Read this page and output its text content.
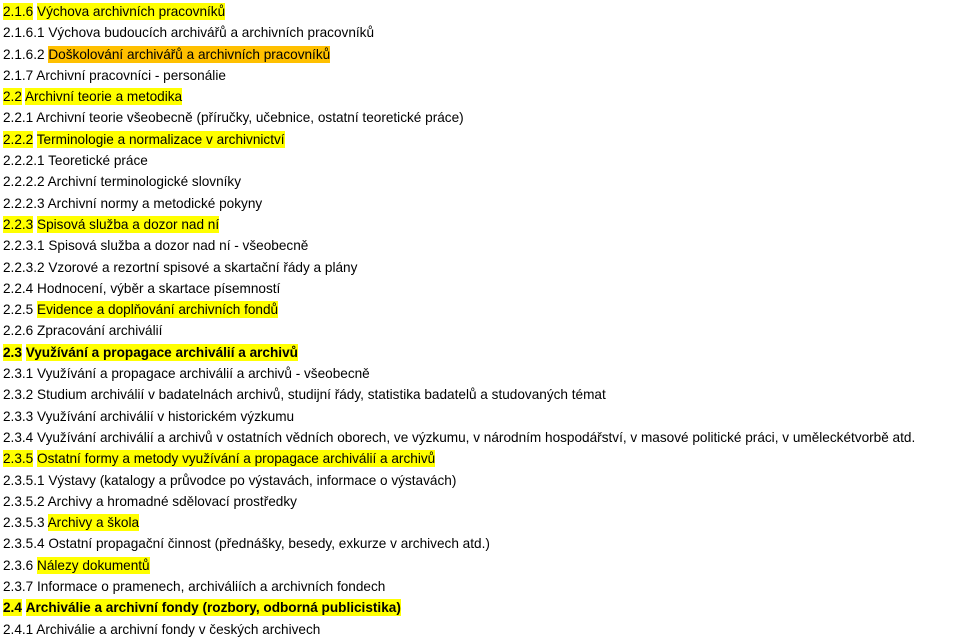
2.1.6 Výchova archivních pracovníků
2.1.6.1 Výchova budoucích archivářů a archivních pracovníků
2.1.6.2 Doškolování archivářů a archivních pracovníků
2.1.7 Archivní pracovníci - personálie
2.2 Archivní teorie a metodika
2.2.1 Archivní teorie všeobecně (příručky, učebnice, ostatní teoretické práce)
2.2.2 Terminologie a normalizace v archivnictví
2.2.2.1 Teoretické práce
2.2.2.2 Archivní terminologické slovníky
2.2.2.3 Archivní normy a metodické pokyny
2.2.3 Spisová služba a dozor nad ní
2.2.3.1 Spisová služba a dozor nad ní - všeobecně
2.2.3.2 Vzorové a rezortní spisové a skartační řády a plány
2.2.4 Hodnocení, výběr a skartace písemností
2.2.5 Evidence a doplňování archivních fondů
2.2.6 Zpracování archiválií
2.3 Využívání a propagace archiválií a archivů
2.3.1 Využívání a propagace archiválií a archivů - všeobecně
2.3.2 Studium archiválií v badatelnách archivů, studijní řády, statistika badatelů a studovaných témat
2.3.3 Využívání archiválií v historickém výzkumu
2.3.4 Využívání archiválií a archivů v ostatních vědních oborech, ve výzkumu, v národním hospodářství, v masové politické práci, v uměleckétvorbě atd.
2.3.5 Ostatní formy a metody využívání a propagace archiválií a archivů
2.3.5.1 Výstavy (katalogy a průvodce po výstavách, informace o výstavách)
2.3.5.2 Archivy a hromadné sdělovací prostředky
2.3.5.3 Archivy a škola
2.3.5.4 Ostatní propagační činnost (přednášky, besedy, exkurze v archivech atd.)
2.3.6 Nálezy dokumentů
2.3.7 Informace o pramenech, archiváliích a archivních fondech
2.4 Archiválie a archivní fondy (rozbory, odborná publicistika)
2.4.1 Archiválie a archivní fondy v českých archivech
